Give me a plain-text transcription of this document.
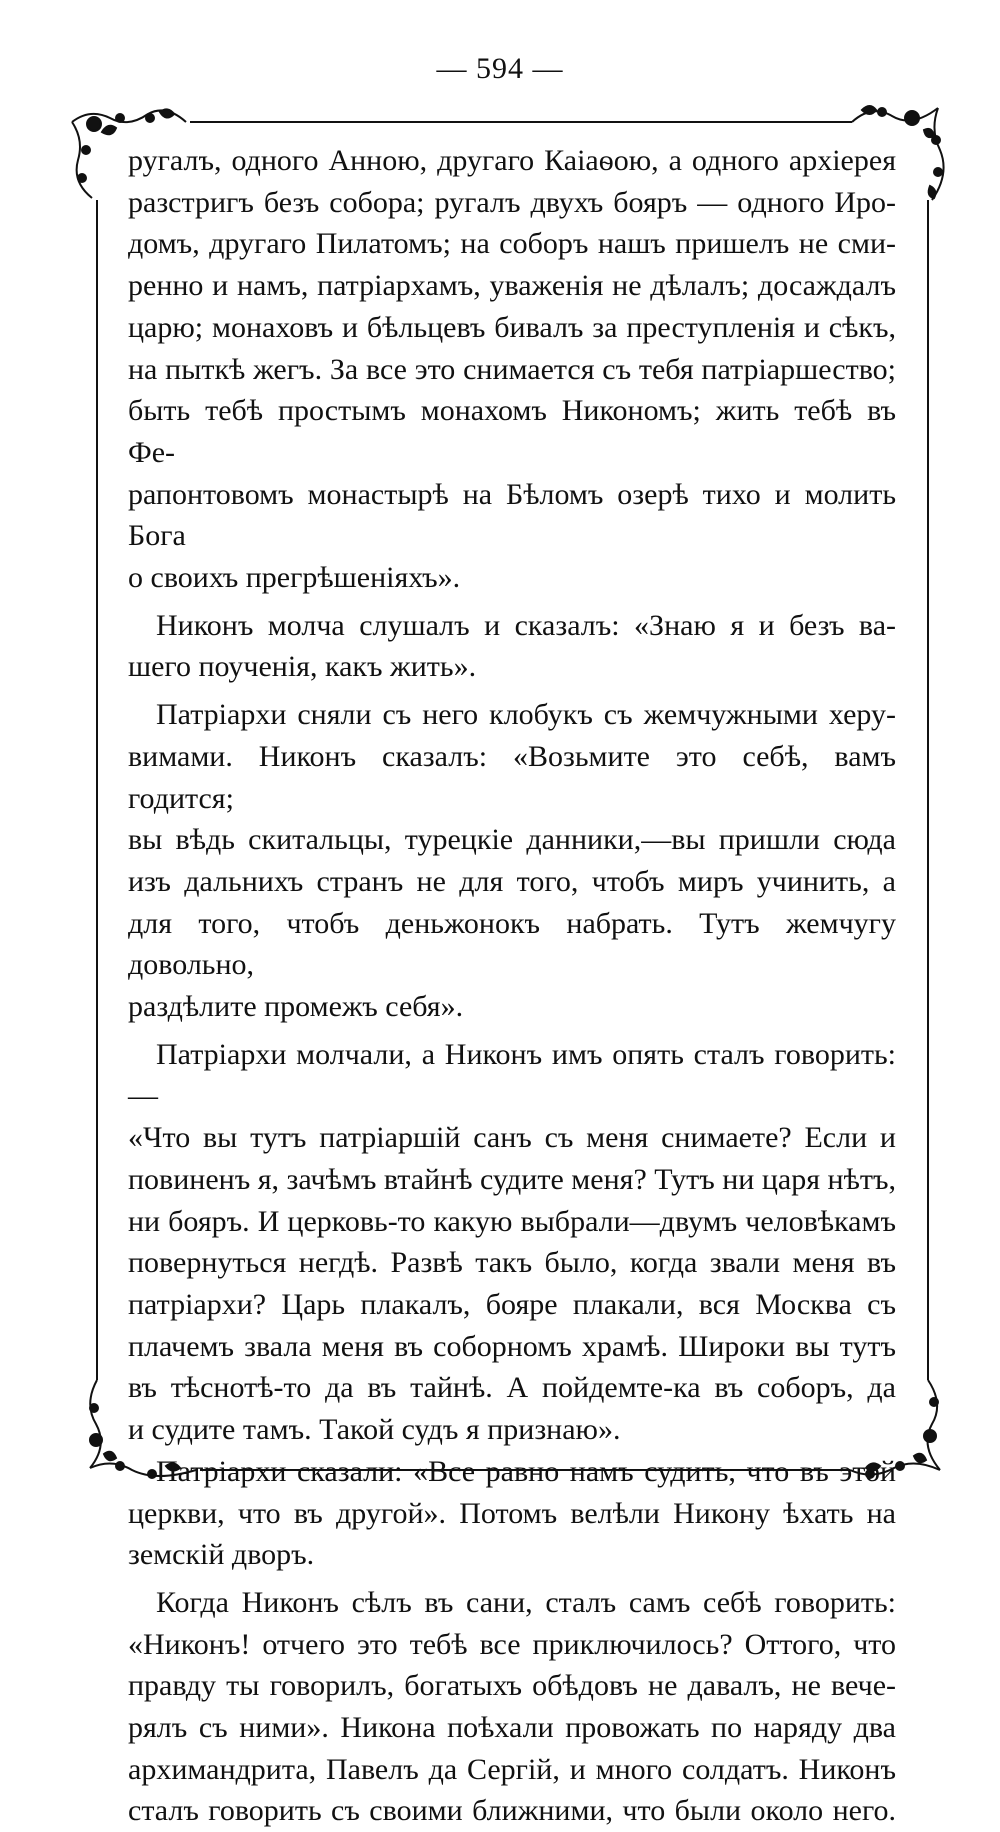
— 594 —
ругалъ, одного Анною, другаго Каіаѳою, а одного архіерея
разстригъ безъ собора; ругалъ двухъ бояръ — одного Иро-
домъ, другаго Пилатомъ; на соборъ нашъ пришелъ не сми-
ренно и намъ, патріархамъ, уваженія не дѣлалъ; досаждалъ
царю; монаховъ и бѣльцевъ бивалъ за преступленія и сѣкъ,
на пыткѣ жегъ. За все это снимается съ тебя патріаршество;
быть тебѣ простымъ монахомъ Никономъ; жить тебѣ въ Фе-
рапонтовомъ монастырѣ на Бѣломъ озерѣ тихо и молить Бога
о своихъ прегрѣшеніяхъ».
Никонъ молча слушалъ и сказалъ: «Знаю я и безъ ва-
шего поученія, какъ жить».
Патріархи сняли съ него клобукъ съ жемчужными херу-
вимами. Никонъ сказалъ: «Возьмите это себѣ, вамъ годится;
вы вѣдь скитальцы, турецкіе данники,—вы пришли сюда
изъ дальнихъ странъ не для того, чтобъ миръ учинить, а
для того, чтобъ деньжонокъ набрать. Тутъ жемчугу довольно,
раздѣлите промежъ себя».
Патріархи молчали, а Никонъ имъ опять сталъ говорить:—
«Что вы тутъ патріаршій санъ съ меня снимаете? Если и
повиненъ я, зачѣмъ втайнѣ судите меня? Тутъ ни царя нѣтъ,
ни бояръ. И церковь-то какую выбрали—двумъ человѣкамъ
повернуться негдѣ. Развѣ такъ было, когда звали меня въ
патріархи? Царь плакалъ, бояре плакали, вся Москва съ
плачемъ звала меня въ соборномъ храмѣ. Широки вы тутъ
въ тѣснотѣ-то да въ тайнѣ. А пойдемте-ка въ соборъ, да
и судите тамъ. Такой судъ я признаю».
Патріархи сказали: «Все равно намъ судить, что въ этой
церкви, что въ другой». Потомъ велѣли Никону ѣхать на
земскій дворъ.
Когда Никонъ сѣлъ въ сани, сталъ самъ себѣ говорить:
«Никонъ! отчего это тебѣ все приключилось? Оттого, что
правду ты говорилъ, богатыхъ обѣдовъ не давалъ, не вече-
рялъ съ ними». Никона поѣхали провожать по наряду два
архимандрита, Павелъ да Сергій, и много солдатъ. Никонъ
сталъ говорить съ своими ближними, что были около него.
